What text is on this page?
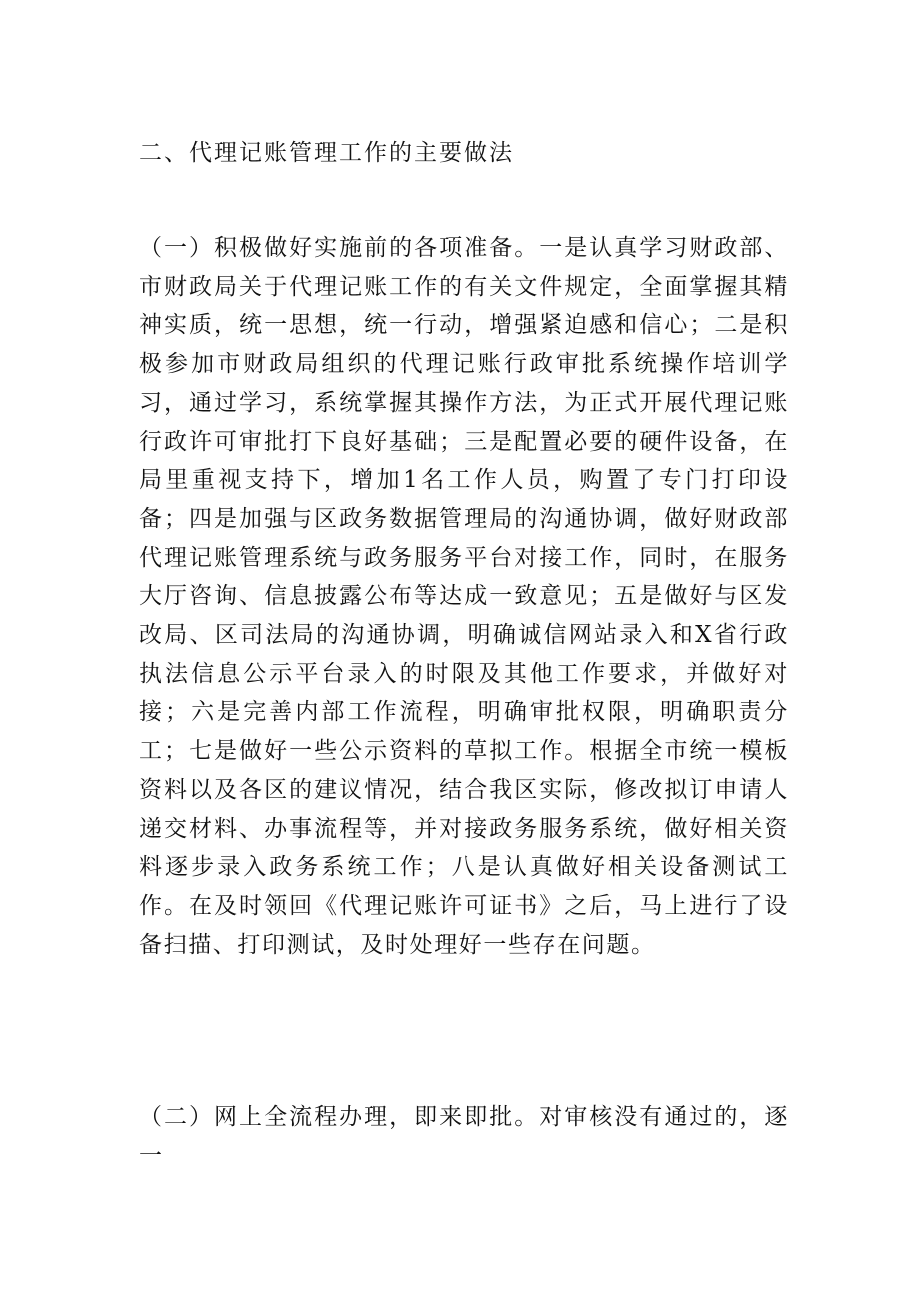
二、代理记账管理工作的主要做法
（一）积极做好实施前的各项准备。一是认真学习财政部、市财政局关于代理记账工作的有关文件规定，全面掌握其精神实质，统一思想，统一行动，增强紧迫感和信心；二是积极参加市财政局组织的代理记账行政审批系统操作培训学习，通过学习，系统掌握其操作方法，为正式开展代理记账行政许可审批打下良好基础；三是配置必要的硬件设备，在局里重视支持下，增加1名工作人员，购置了专门打印设备；四是加强与区政务数据管理局的沟通协调，做好财政部代理记账管理系统与政务服务平台对接工作，同时，在服务大厅咨询、信息披露公布等达成一致意见；五是做好与区发改局、区司法局的沟通协调，明确诚信网站录入和X省行政执法信息公示平台录入的时限及其他工作要求，并做好对接；六是完善内部工作流程，明确审批权限，明确职责分工；七是做好一些公示资料的草拟工作。根据全市统一模板资料以及各区的建议情况，结合我区实际，修改拟订申请人递交材料、办事流程等，并对接政务服务系统，做好相关资料逐步录入政务系统工作；八是认真做好相关设备测试工作。在及时领回《代理记账许可证书》之后，马上进行了设备扫描、打印测试，及时处理好一些存在问题。
（二）网上全流程办理，即来即批。对审核没有通过的，逐一
